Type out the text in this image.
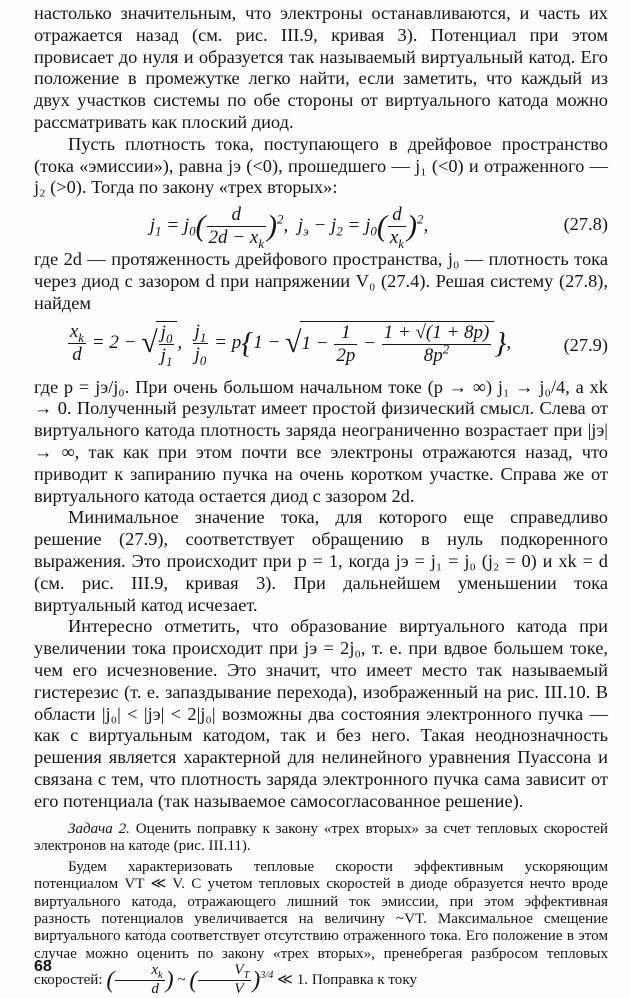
настолько значительным, что электроны останавливаются, и часть их отражается назад (см. рис. III.9, кривая 3). Потенциал при этом провисает до нуля и образуется так называемый виртуальный катод. Его положение в промежутке легко найти, если заметить, что каждый из двух участков системы по обе стороны от виртуального катода можно рассматривать как плоский диод.

Пусть плотность тока, поступающего в дрейфовое пространство (тока «эмиссии»), равна jэ (<0), прошедшего — j₁ (<0) и отраженного — j₂ (>0). Тогда по закону «трех вторых»:

$j_1 = j_0( \frac{d}{2d - x_k} )^2$,  $j_э - j_2 = j_0( \frac{d}{x_k} )^2$,	(27.8)

где 2d — протяженность дрейфового пространства, j₀ — плотность тока через диод с зазором d при напряжении V₀ (27.4). Решая систему (27.8), найдем

$\frac{x_k}{d} = 2$ − √ $\frac{j_0}{j_1}$ , $\frac{j_1}{j_0} = p\{1 - √1 - \frac{1}{2p} - \frac{1 + √(1 + 8p)}{8p^2}$ },	(27.9)

где p = jэ/j₀. При очень большом начальном токе (p → ∞) j₁ → j₀/4, а xk → 0. Полученный результат имеет простой физический смысл. Слева от виртуального катода плотность заряда неограниченно возрастает при |jэ| → ∞, так как при этом почти все электроны отражаются назад, что приводит к запиранию пучка на очень коротком участке. Справа же от виртуального катода остается диод с зазором 2d.

Минимальное значение тока, для которого еще справедливо решение (27.9), соответствует обращению в нуль подкоренного выражения. Это происходит при p = 1, когда jэ = j₁ = j₀ (j₂ = 0) и xk = d (см. рис. III.9, кривая 3). При дальнейшем уменьшении тока виртуальный катод исчезает.

Интересно отметить, что образование виртуального катода при увеличении тока происходит при jэ = 2j₀, т. е. при вдвое большем токе, чем его исчезновение. Это значит, что имеет место так называемый гистерезис (т. е. запаздывание перехода), изображенный на рис. III.10. В области |j₀| < |jэ| < 2|j₀| возможны два состояния электронного пучка — как с виртуальным катодом, так и без него. Такая неоднозначность решения является характерной для нелинейного уравнения Пуассона и связана с тем, что плотность заряда электронного пучка сама зависит от его потенциала (так называемое самосогласованное решение).

Задача 2. Оценить поправку к закону «трех вторых» за счет тепловых скоростей электронов на катоде (рис. III.11).

Будем характеризовать тепловые скорости эффективным ускоряющим потенциалом VT ≪ V. С учетом тепловых скоростей в диоде образуется нечто вроде виртуального катода, отражающего лишний ток эмиссии, при этом эффективная разность потенциалов увеличивается на величину ~VT. Максимальное смещение виртуального катода соответствует отсутствию отраженного тока. Его положение в этом случае можно оценить по закону «трех вторых», пренебрегая разбросом тепловых скоростей: ( $\frac{x_k}{d}$ ) ~ ( $\frac{V_T}{V} )^{3/4}$ ≪ 1. Поправка к току

68
